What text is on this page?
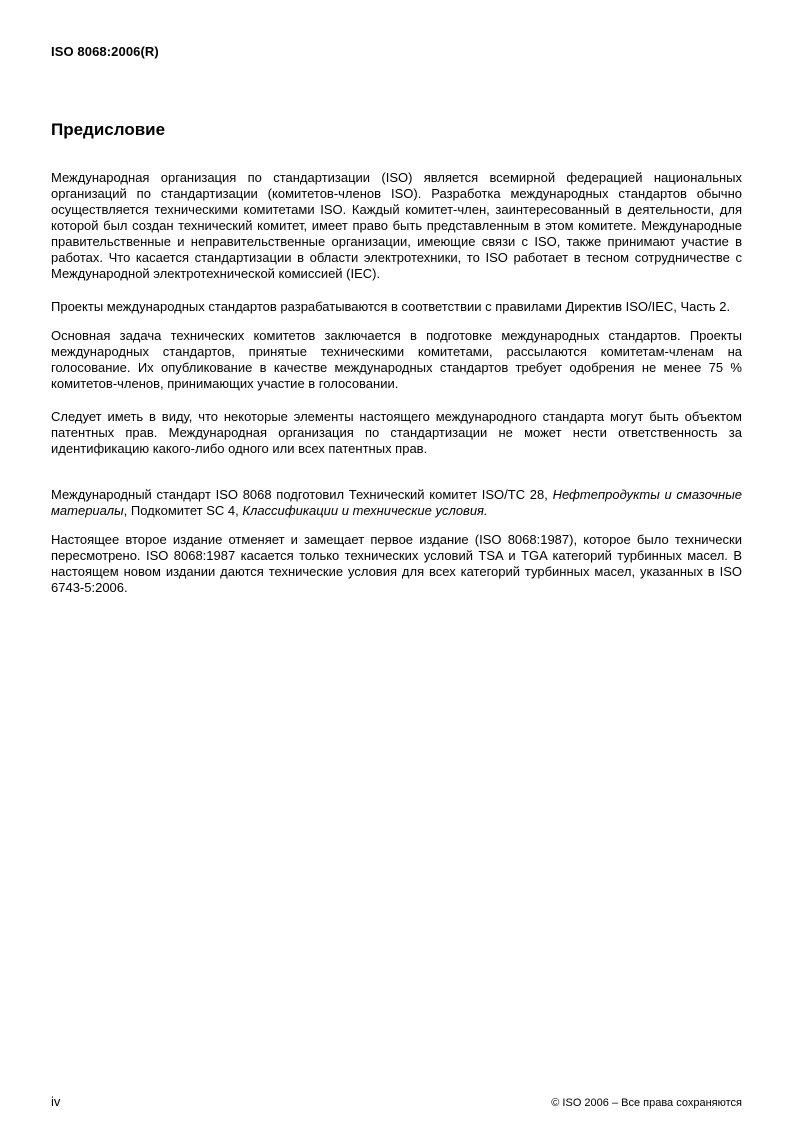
ISO 8068:2006(R)
Предисловие

Международная организация по стандартизации (ISO) является всемирной федерацией национальных организаций по стандартизации (комитетов-членов ISO). Разработка международных стандартов обычно осуществляется техническими комитетами ISO. Каждый комитет-член, заинтересованный в деятельности, для которой был создан технический комитет, имеет право быть представленным в этом комитете. Международные правительственные и неправительственные организации, имеющие связи с ISO, также принимают участие в работах. Что касается стандартизации в области электротехники, то ISO работает в тесном сотрудничестве с Международной электротехнической комиссией (IEC).

Проекты международных стандартов разрабатываются в соответствии с правилами Директив ISO/IEC, Часть 2.

Основная задача технических комитетов заключается в подготовке международных стандартов. Проекты международных стандартов, принятые техническими комитетами, рассылаются комитетам-членам на голосование. Их опубликование в качестве международных стандартов требует одобрения не менее 75 % комитетов-членов, принимающих участие в голосовании.

Следует иметь в виду, что некоторые элементы настоящего международного стандарта могут быть объектом патентных прав. Международная организация по стандартизации не может нести ответственность за идентификацию какого-либо одного или всех патентных прав.

Международный стандарт ISO 8068 подготовил Технический комитет ISO/TC 28, Нефтепродукты и смазочные материалы, Подкомитет SC 4, Классификации и технические условия.

Настоящее второе издание отменяет и замещает первое издание (ISO 8068:1987), которое было технически пересмотрено. ISO 8068:1987 касается только технических условий TSA и TGA категорий турбинных масел. В настоящем новом издании даются технические условия для всех категорий турбинных масел, указанных в ISO 6743-5:2006.

iv	© ISO 2006 – Все права сохраняются
